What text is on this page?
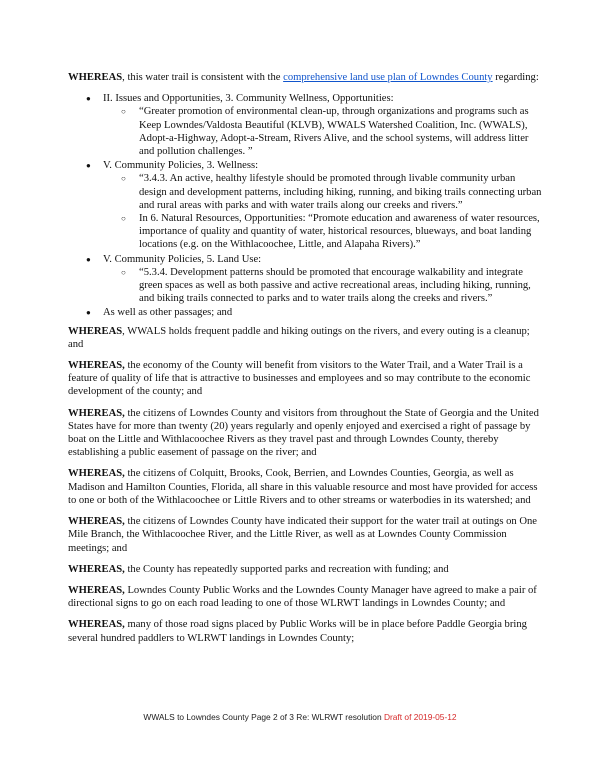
WHEREAS, this water trail is consistent with the comprehensive land use plan of Lowndes County regarding:

● II. Issues and Opportunities, 3. Community Wellness, Opportunities:
○ “Greater promotion of environmental clean-up, through organizations and programs such as Keep Lowndes/Valdosta Beautiful (KLVB), WWALS Watershed Coalition, Inc. (WWALS), Adopt-a-Highway, Adopt-a-Stream, Rivers Alive, and the school systems, will address litter and pollution challenges. ”
● V. Community Policies, 3. Wellness:
○ “3.4.3. An active, healthy lifestyle should be promoted through livable community urban design and development patterns, including hiking, running, and biking trails connecting urban and rural areas with parks and with water trails along our creeks and rivers.”
○ In 6. Natural Resources, Opportunities: “Promote education and awareness of water resources, importance of quality and quantity of water, historical resources, blueways, and boat landing locations (e.g. on the Withlacoochee, Little, and Alapaha Rivers).”
● V. Community Policies, 5. Land Use:
○ “5.3.4. Development patterns should be promoted that encourage walkability and integrate green spaces as well as both passive and active recreational areas, including hiking, running, and biking trails connected to parks and to water trails along the creeks and rivers.”
● As well as other passages; and

WHEREAS, WWALS holds frequent paddle and hiking outings on the rivers, and every outing is a cleanup; and

WHEREAS, the economy of the County will benefit from visitors to the Water Trail, and a Water Trail is a feature of quality of life that is attractive to businesses and employees and so may contribute to the economic development of the county; and

WHEREAS, the citizens of Lowndes County and visitors from throughout the State of Georgia and the United States have for more than twenty (20) years regularly and openly enjoyed and exercised a right of passage by boat on the Little and Withlacoochee Rivers as they travel past and through Lowndes County, thereby establishing a public easement of passage on the river; and

WHEREAS, the citizens of Colquitt, Brooks, Cook, Berrien, and Lowndes Counties, Georgia, as well as Madison and Hamilton Counties, Florida, all share in this valuable resource and most have provided for access to one or both of the Withlacoochee or Little Rivers and to other streams or waterbodies in its watershed; and

WHEREAS, the citizens of Lowndes County have indicated their support for the water trail at outings on One Mile Branch, the Withlacoochee River, and the Little River, as well as at Lowndes County Commission meetings; and

WHEREAS, the County has repeatedly supported parks and recreation with funding; and

WHEREAS, Lowndes County Public Works and the Lowndes County Manager have agreed to make a pair of directional signs to go on each road leading to one of those WLRWT landings in Lowndes County; and

WHEREAS, many of those road signs placed by Public Works will be in place before Paddle Georgia bring several hundred paddlers to WLRWT landings in Lowndes County;

WWALS to Lowndes County Page 2 of 3 Re: WLRWT resolution Draft of 2019-05-12
